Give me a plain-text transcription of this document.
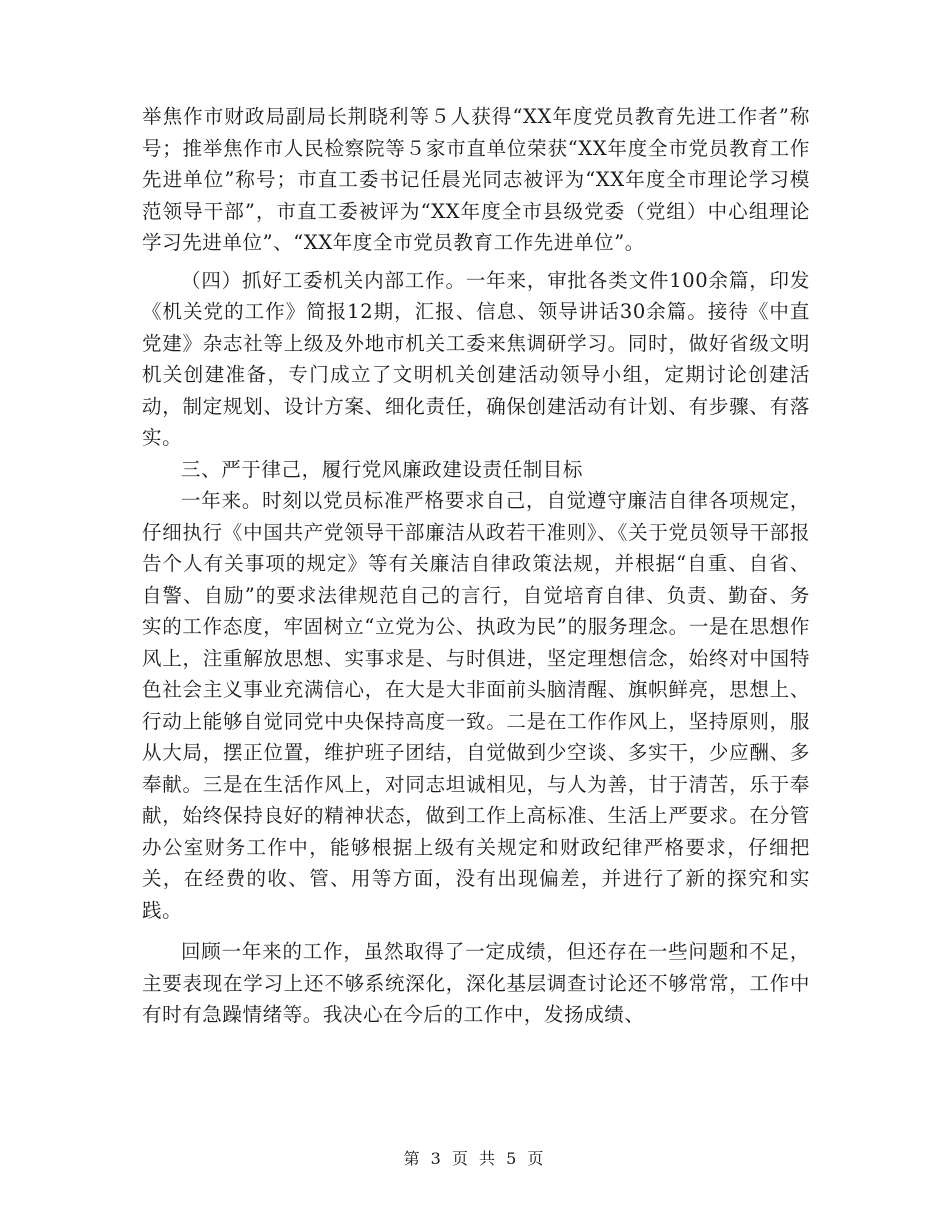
举焦作市财政局副局长荆晓利等５人获得“XX年度党员教育先进工作者”称号；推举焦作市人民检察院等５家市直单位荣获“XX年度全市党员教育工作先进单位”称号；市直工委书记任晨光同志被评为“XX年度全市理论学习模范领导干部”，市直工委被评为“XX年度全市县级党委（党组）中心组理论学习先进单位”、“XX年度全市党员教育工作先进单位”。

（四）抓好工委机关内部工作。一年来，审批各类文件100余篇，印发《机关党的工作》简报12期，汇报、信息、领导讲话30余篇。接待《中直党建》杂志社等上级及外地市机关工委来焦调研学习。同时，做好省级文明机关创建准备，专门成立了文明机关创建活动领导小组，定期讨论创建活动，制定规划、设计方案、细化责任，确保创建活动有计划、有步骤、有落实。

三、严于律己，履行党风廉政建设责任制目标

一年来。时刻以党员标准严格要求自己，自觉遵守廉洁自律各项规定，仔细执行《中国共产党领导干部廉洁从政若干准则》、《关于党员领导干部报告个人有关事项的规定》等有关廉洁自律政策法规，并根据“自重、自省、自警、自励”的要求法律规范自己的言行，自觉培育自律、负责、勤奋、务实的工作态度，牢固树立“立党为公、执政为民”的服务理念。一是在思想作风上，注重解放思想、实事求是、与时俱进，坚定理想信念，始终对中国特色社会主义事业充满信心，在大是大非面前头脑清醒、旗帜鲜亮，思想上、行动上能够自觉同党中央保持高度一致。二是在工作作风上，坚持原则，服从大局，摆正位置，维护班子团结，自觉做到少空谈、多实干，少应酬、多奉献。三是在生活作风上，对同志坦诚相见，与人为善，甘于清苦，乐于奉献，始终保持良好的精神状态，做到工作上高标准、生活上严要求。在分管办公室财务工作中，能够根据上级有关规定和财政纪律严格要求，仔细把关，在经费的收、管、用等方面，没有出现偏差，并进行了新的探究和实践。

回顾一年来的工作，虽然取得了一定成绩，但还存在一些问题和不足，主要表现在学习上还不够系统深化，深化基层调查讨论还不够常常，工作中有时有急躁情绪等。我决心在今后的工作中，发扬成绩、

第 3 页 共 5 页
